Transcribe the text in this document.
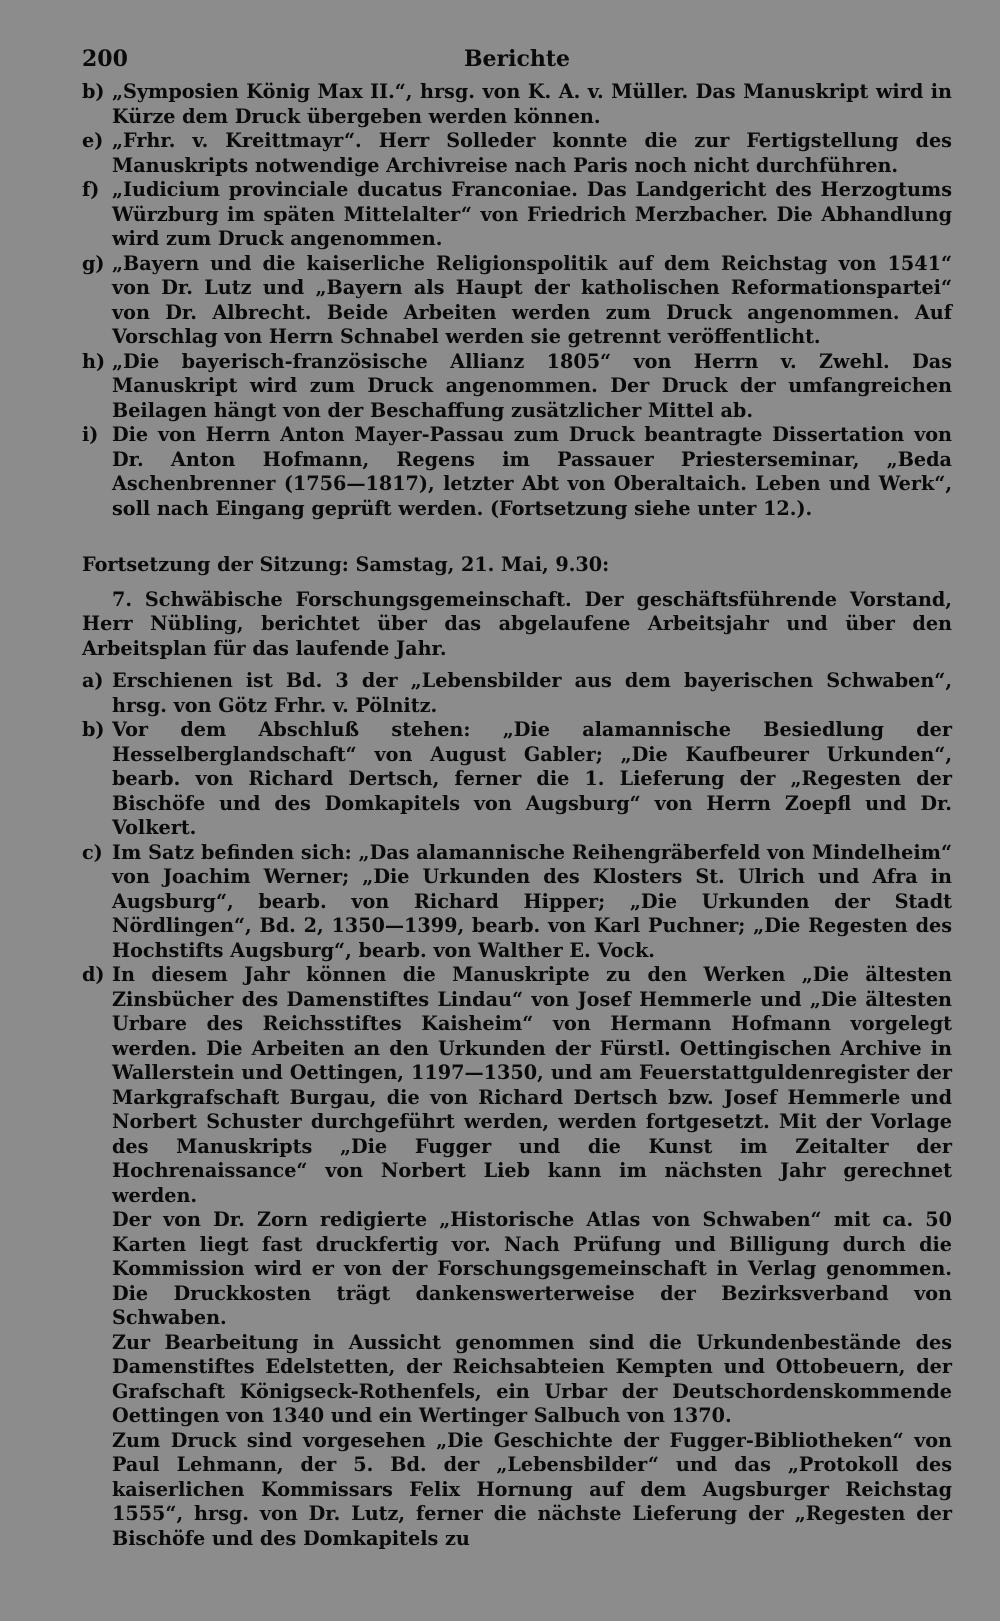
200	Berichte
b) „Symposien König Max II.“, hrsg. von K. A. v. Müller. Das Manuskript wird in Kürze dem Druck übergeben werden können.
e) „Frhr. v. Kreittmayr“. Herr Solleder konnte die zur Fertigstellung des Manuskripts notwendige Archivreise nach Paris noch nicht durchführen.
f) „Iudicium provinciale ducatus Franconiae. Das Landgericht des Herzogtums Würzburg im späten Mittelalter“ von Friedrich Merzbacher. Die Abhandlung wird zum Druck angenommen.
g) „Bayern und die kaiserliche Religionspolitik auf dem Reichstag von 1541“ von Dr. Lutz und „Bayern als Haupt der katholischen Reformationspartei“ von Dr. Albrecht. Beide Arbeiten werden zum Druck angenommen. Auf Vorschlag von Herrn Schnabel werden sie getrennt veröffentlicht.
h) „Die bayerisch-französische Allianz 1805“ von Herrn v. Zwehl. Das Manuskript wird zum Druck angenommen. Der Druck der umfangreichen Beilagen hängt von der Beschaffung zusätzlicher Mittel ab.
i) Die von Herrn Anton Mayer-Passau zum Druck beantragte Dissertation von Dr. Anton Hofmann, Regens im Passauer Priesterseminar, „Beda Aschenbrenner (1756—1817), letzter Abt von Oberaltaich. Leben und Werk“, soll nach Eingang geprüft werden. (Fortsetzung siehe unter 12.).
Fortsetzung der Sitzung: Samstag, 21. Mai, 9.30:
7. Schwäbische Forschungsgemeinschaft. Der geschäftsführende Vorstand, Herr Nübling, berichtet über das abgelaufene Arbeitsjahr und über den Arbeitsplan für das laufende Jahr.
a) Erschienen ist Bd. 3 der „Lebensbilder aus dem bayerischen Schwaben“, hrsg. von Götz Frhr. v. Pölnitz.
b) Vor dem Abschluß stehen: „Die alamannische Besiedlung der Hesselberglandschaft“ von August Gabler; „Die Kaufbeurer Urkunden“, bearb. von Richard Dertsch, ferner die 1. Lieferung der „Regesten der Bischöfe und des Domkapitels von Augsburg“ von Herrn Zoepfl und Dr. Volkert.
c) Im Satz befinden sich: „Das alamannische Reihengräberfeld von Mindelheim“ von Joachim Werner; „Die Urkunden des Klosters St. Ulrich und Afra in Augsburg“, bearb. von Richard Hipper; „Die Urkunden der Stadt Nördlingen“, Bd. 2, 1350—1399, bearb. von Karl Puchner; „Die Regesten des Hochstifts Augsburg“, bearb. von Walther E. Vock.
d) In diesem Jahr können die Manuskripte zu den Werken „Die ältesten Zinsbücher des Damenstiftes Lindau“ von Josef Hemmerle und „Die ältesten Urbare des Reichsstiftes Kaisheim“ von Hermann Hofmann vorgelegt werden. Die Arbeiten an den Urkunden der Fürstl. Oettingischen Archive in Wallerstein und Oettingen, 1197—1350, und am Feuerstattguldenregister der Markgrafschaft Burgau, die von Richard Dertsch bzw. Josef Hemmerle und Norbert Schuster durchgeführt werden, werden fortgesetzt. Mit der Vorlage des Manuskripts „Die Fugger und die Kunst im Zeitalter der Hochrenaissance“ von Norbert Lieb kann im nächsten Jahr gerechnet werden.
Der von Dr. Zorn redigierte „Historische Atlas von Schwaben“ mit ca. 50 Karten liegt fast druckfertig vor. Nach Prüfung und Billigung durch die Kommission wird er von der Forschungsgemeinschaft in Verlag genommen. Die Druckkosten trägt dankenswerterweise der Bezirksverband von Schwaben.
Zur Bearbeitung in Aussicht genommen sind die Urkundenbestände des Damenstiftes Edelstetten, der Reichsabteien Kempten und Ottobeuern, der Grafschaft Königseck-Rothenfels, ein Urbar der Deutschordenskommende Oettingen von 1340 und ein Wertinger Salbuch von 1370.
Zum Druck sind vorgesehen „Die Geschichte der Fugger-Bibliotheken“ von Paul Lehmann, der 5. Bd. der „Lebensbilder“ und das „Protokoll des kaiserlichen Kommissars Felix Hornung auf dem Augsburger Reichstag 1555“, hrsg. von Dr. Lutz, ferner die nächste Lieferung der „Regesten der Bischöfe und des Domkapitels zu
